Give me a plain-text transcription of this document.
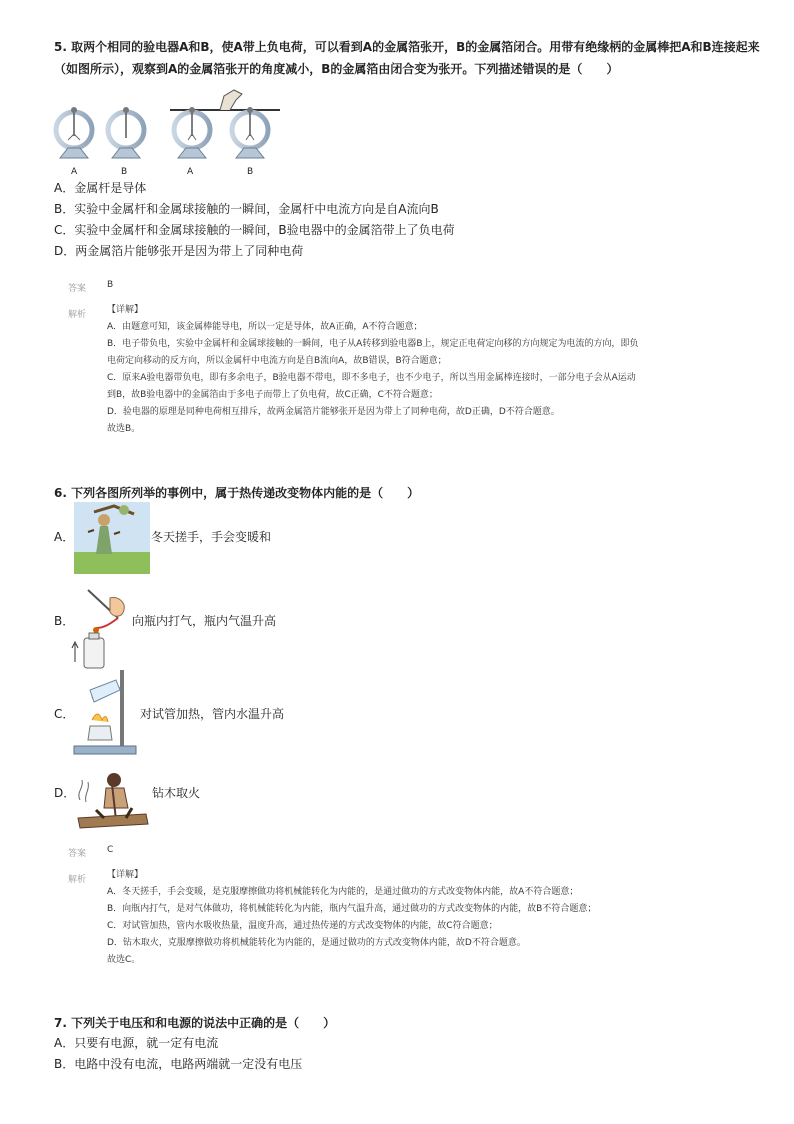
5. 取两个相同的验电器A和B，使A带上负电荷，可以看到A的金属箔张开，B的金属箔闭合。用带有绝缘柄的金属棒把A和B连接起来
（如图所示），观察到A的金属箔张开的角度减小，B的金属箔由闭合变为张开。下列描述错误的是（　　）
A	B	A	B
A．金属杆是导体
B．实验中金属杆和金属球接触的一瞬间，金属杆中电流方向是自A流向B
C．实验中金属杆和金属球接触的一瞬间，B验电器中的金属箔带上了负电荷
D．两金属箔片能够张开是因为带上了同种电荷
答案 B
解析 【详解】
A．由题意可知，该金属棒能导电，所以一定是导体，故A正确，A不符合题意；
B．电子带负电，实验中金属杆和金属球接触的一瞬间，电子从A转移到验电器B上，规定正电荷定向移的方向规定为电流的方向，即负
电荷定向移动的反方向，所以金属杆中电流方向是自B流向A，故B错误，B符合题意；
C．原来A验电器带负电，即有多余电子，B验电器不带电，即不多电子，也不少电子，所以当用金属棒连接时，一部分电子会从A运动
到B，故B验电器中的金属箔由于多电子而带上了负电荷，故C正确，C不符合题意；
D．验电器的原理是同种电荷相互排斥，故两金属箔片能够张开是因为带上了同种电荷，故D正确，D不符合题意。
故选B。
6. 下列各图所列举的事例中，属于热传递改变物体内能的是（　　）
A．	冬天搓手，手会变暖和
B．	向瓶内打气，瓶内气温升高
C．	对试管加热，管内水温升高
D．	钻木取火
答案 C
解析 【详解】
A．冬天搓手，手会变暖，是克服摩擦做功将机械能转化为内能的，是通过做功的方式改变物体内能，故A不符合题意；
B．向瓶内打气，是对气体做功，将机械能转化为内能，瓶内气温升高，通过做功的方式改变物体的内能，故B不符合题意；
C．对试管加热，管内水吸收热量，温度升高，通过热传递的方式改变物体的内能，故C符合题意；
D．钻木取火，克服摩擦做功将机械能转化为内能的，是通过做功的方式改变物体内能，故D不符合题意。
故选C。
7. 下列关于电压和和电源的说法中正确的是（　　）
A．只要有电源，就一定有电流
B．电路中没有电流，电路两端就一定没有电压
